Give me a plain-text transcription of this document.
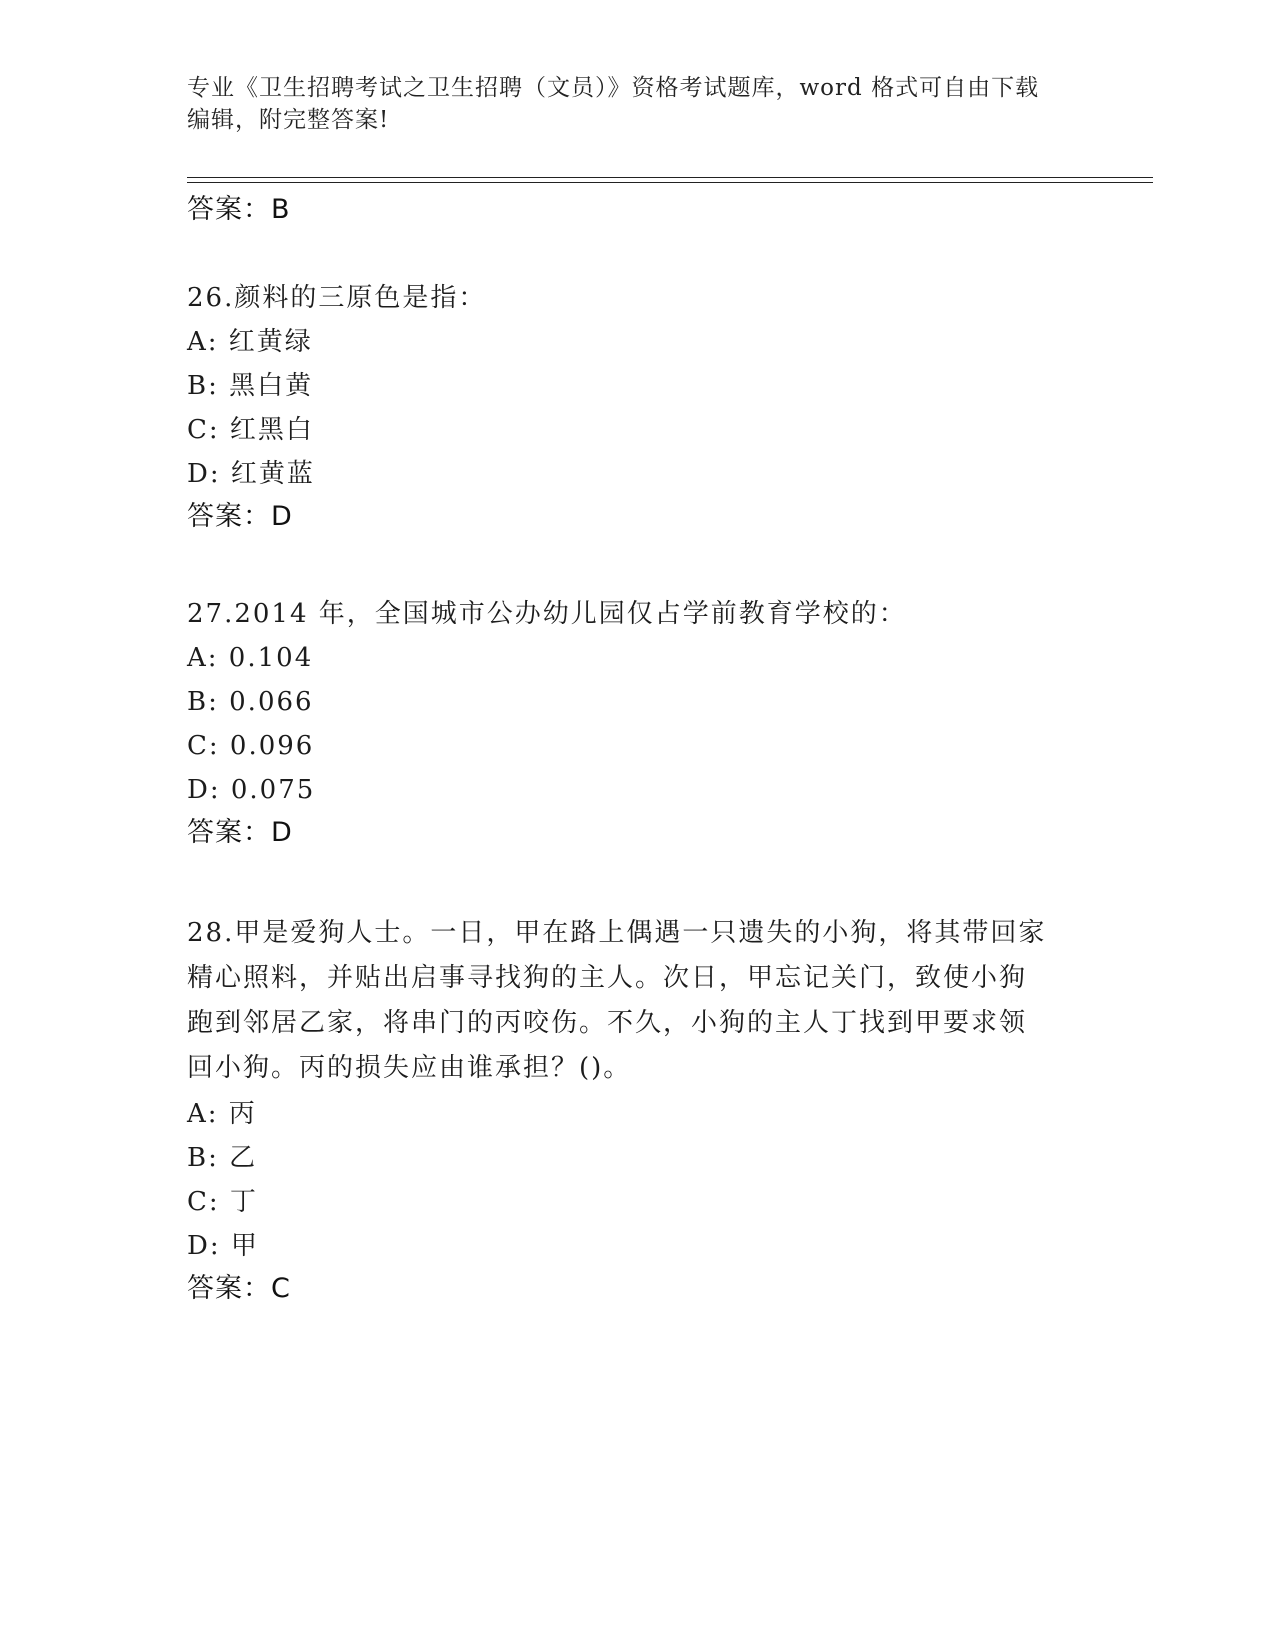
专业《卫生招聘考试之卫生招聘（文员）》资格考试题库，word 格式可自由下载
编辑，附完整答案!
答案：B
26.颜料的三原色是指：
A: 红黄绿
B: 黑白黄
C: 红黑白
D: 红黄蓝
答案：D
27.2014 年，全国城市公办幼儿园仅占学前教育学校的：
A: 0.104
B: 0.066
C: 0.096
D: 0.075
答案：D
28.甲是爱狗人士。一日，甲在路上偶遇一只遗失的小狗，将其带回家
精心照料，并贴出启事寻找狗的主人。次日，甲忘记关门，致使小狗
跑到邻居乙家，将串门的丙咬伤。不久，小狗的主人丁找到甲要求领
回小狗。丙的损失应由谁承担？()。
A: 丙
B: 乙
C: 丁
D: 甲
答案：C
